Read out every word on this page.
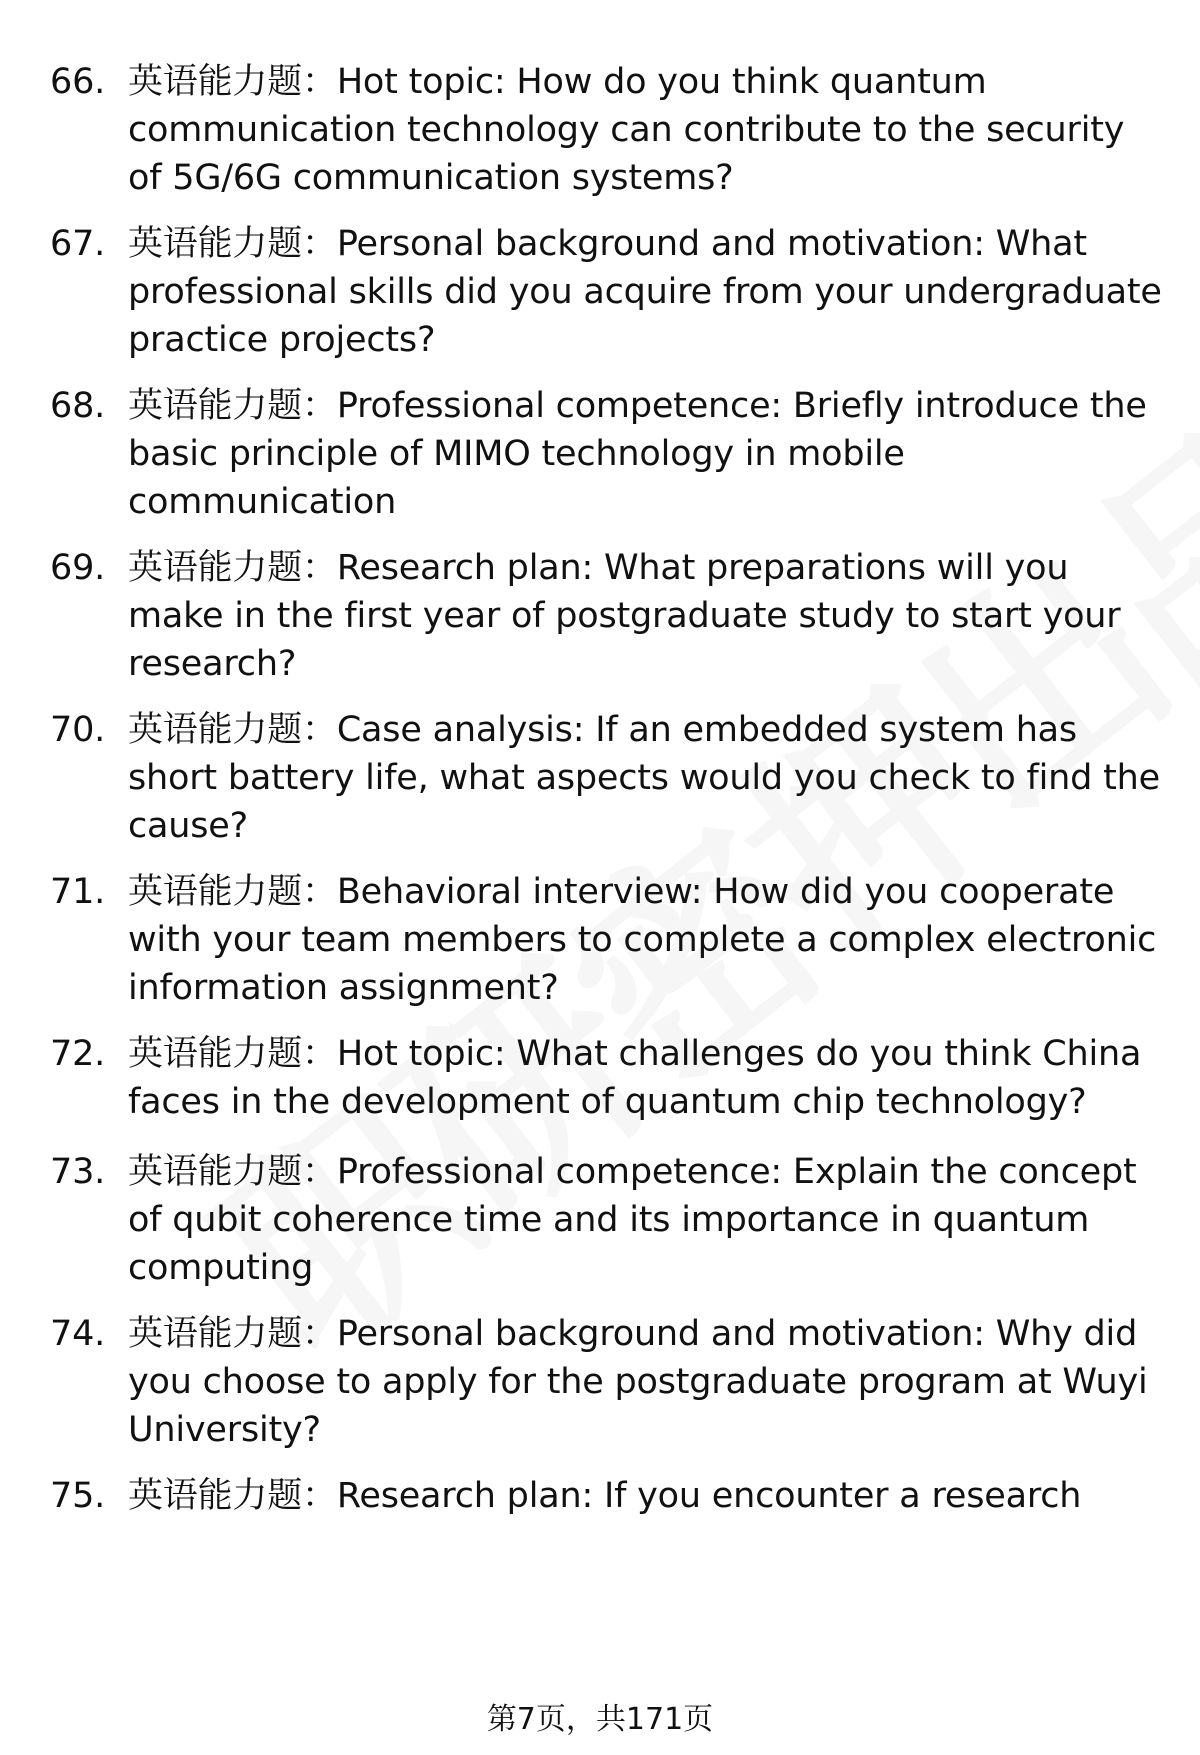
66. 英语能力题：Hot topic: How do you think quantum communication technology can contribute to the security of 5G/6G communication systems?
67. 英语能力题：Personal background and motivation: What professional skills did you acquire from your undergraduate practice projects?
68. 英语能力题：Professional competence: Briefly introduce the basic principle of MIMO technology in mobile communication
69. 英语能力题：Research plan: What preparations will you make in the first year of postgraduate study to start your research?
70. 英语能力题：Case analysis: If an embedded system has short battery life, what aspects would you check to find the cause?
71. 英语能力题：Behavioral interview: How did you cooperate with your team members to complete a complex electronic information assignment?
72. 英语能力题：Hot topic: What challenges do you think China faces in the development of quantum chip technology?
73. 英语能力题：Professional competence: Explain the concept of qubit coherence time and its importance in quantum computing
74. 英语能力题：Personal background and motivation: Why did you choose to apply for the postgraduate program at Wuyi University?
75. 英语能力题：Research plan: If you encounter a research
第7页，共171页
